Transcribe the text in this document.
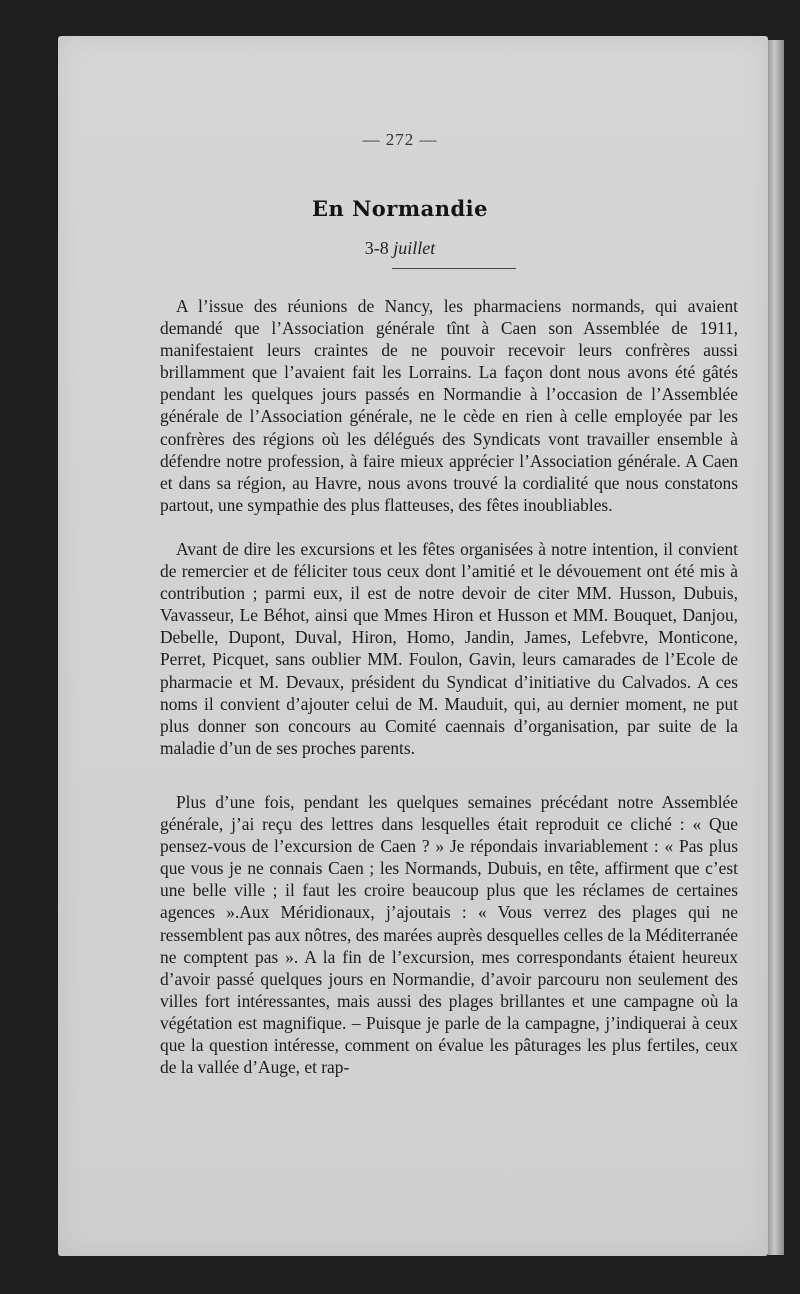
— 272 —
En Normandie
3-8 juillet

A l’issue des réunions de Nancy, les pharmaciens normands, qui avaient demandé que l’Association générale tînt à Caen son Assemblée de 1911, manifestaient leurs craintes de ne pouvoir recevoir leurs confrères aussi brillamment que l’avaient fait les Lorrains. La façon dont nous avons été gâtés pendant les quelques jours passés en Normandie à l’occasion de l’Assemblée générale de l’Association générale, ne le cède en rien à celle employée par les confrères des régions où les délégués des Syndicats vont travailler ensemble à défendre notre profession, à faire mieux apprécier l’Association générale. A Caen et dans sa région, au Havre, nous avons trouvé la cordialité que nous constatons partout, une sympathie des plus flatteuses, des fêtes inoubliables.

Avant de dire les excursions et les fêtes organisées à notre intention, il convient de remercier et de féliciter tous ceux dont l’amitié et le dévouement ont été mis à contribution ; parmi eux, il est de notre devoir de citer MM. Husson, Dubuis, Vavasseur, Le Béhot, ainsi que Mmes Hiron et Husson et MM. Bouquet, Danjou, Debelle, Dupont, Duval, Hiron, Homo, Jandin, James, Lefebvre, Monticone, Perret, Picquet, sans oublier MM. Foulon, Gavin, leurs camarades de l’Ecole de pharmacie et M. Devaux, président du Syndicat d’initiative du Calvados. A ces noms il convient d’ajouter celui de M. Mauduit, qui, au dernier moment, ne put plus donner son concours au Comité caennais d’organisation, par suite de la maladie d’un de ses proches parents.

Plus d’une fois, pendant les quelques semaines précédant notre Assemblée générale, j’ai reçu des lettres dans lesquelles était reproduit ce cliché : « Que pensez-vous de l’excursion de Caen ? » Je répondais invariablement : « Pas plus que vous je ne connais Caen ; les Normands, Dubuis, en tête, affirment que c’est une belle ville ; il faut les croire beaucoup plus que les réclames de certaines agences ».Aux Méridionaux, j’ajoutais : « Vous verrez des plages qui ne ressemblent pas aux nôtres, des marées auprès desquelles celles de la Méditerranée ne comptent pas ». A la fin de l’excursion, mes correspondants étaient heureux d’avoir passé quelques jours en Normandie, d’avoir parcouru non seulement des villes fort intéressantes, mais aussi des plages brillantes et une campagne où la végétation est magnifique. – Puisque je parle de la campagne, j’indiquerai à ceux que la question intéresse, comment on évalue les pâturages les plus fertiles, ceux de la vallée d’Auge, et rap-
